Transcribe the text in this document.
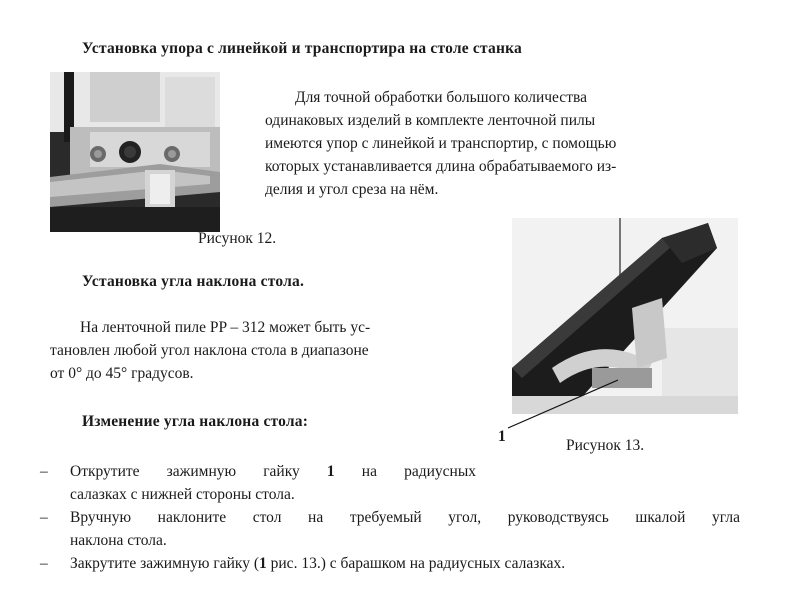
Установка упора с линейкой и транспортира на столе станка

Для точной обработки большого количества

одинаковых изделий в комплекте ленточной пилы

имеются упор с линейкой и транспортир, с помощью

которых устанавливается длина обрабатываемого из-

делия и угол среза на нём.

Рисунок 12.
Установка угла наклона стола.

На ленточной пиле PP – 312 может быть ус-

тановлен любой угол наклона стола в диапазоне

от 0° до 45° градусов.

Изменение угла наклона стола:
1
Рисунок 13.
– Открутите зажимную гайку 1 на радиусных
салазках с нижней стороны стола.
– Вручную наклоните стол на требуемый угол, руководствуясь шкалой угла
наклона стола.
– Закрутите зажимную гайку (1 рис. 13.) с барашком на радиусных салазках.
